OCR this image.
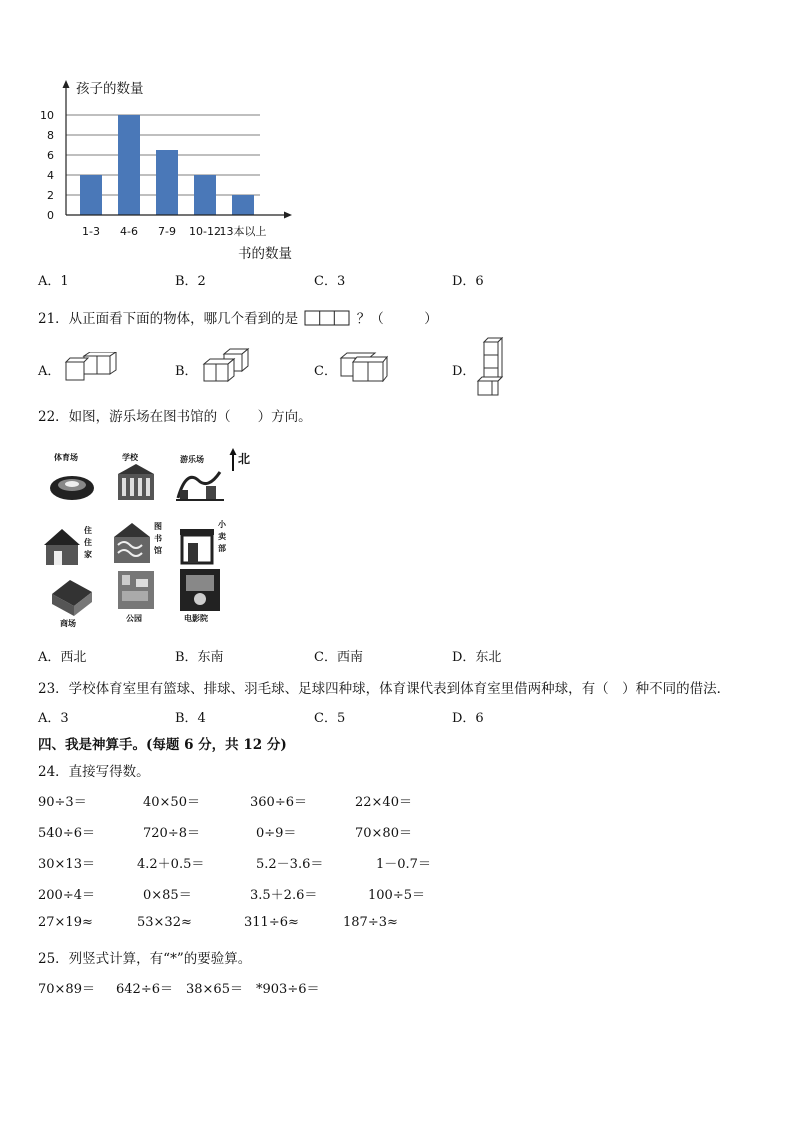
0
2
4
6
8
10
1-3 4-6 7-9 10-12
13本以上
孩子的数量
书的数量
A．1	B．2	C．3	D．6
21．从正面看下面的物体，哪几个看到的是	？（　　　）
A．	B．	C．	D．
22．如图，游乐场在图书馆的（　　）方向。
体育场	学校	游乐场	北
住
住
家
图
书
馆
小
卖
部
商场
公园	电影院
A．西北	B．东南	C．西南	D．东北
23．学校体育室里有篮球、排球、羽毛球、足球四种球，体育课代表到体育室里借两种球，有（　）种不同的借法．
A．3	B．4	C．5	D．6
四、我是神算手。(每题 6 分，共 12 分)
24．直接写得数。
90÷3＝	40×50＝	360÷6＝	22×40＝
540÷6＝	720÷8＝	0÷9＝	70×80＝
30×13＝	4.2＋0.5＝	5.2－3.6＝	1－0.7＝
200÷4＝	0×85＝	3.5＋2.6＝	100÷5＝
27×19≈	53×32≈	311÷6≈	187÷3≈
25．列竖式计算，有“*”的要验算。
70×89＝ 642÷6＝ 38×65＝ *903÷6＝
